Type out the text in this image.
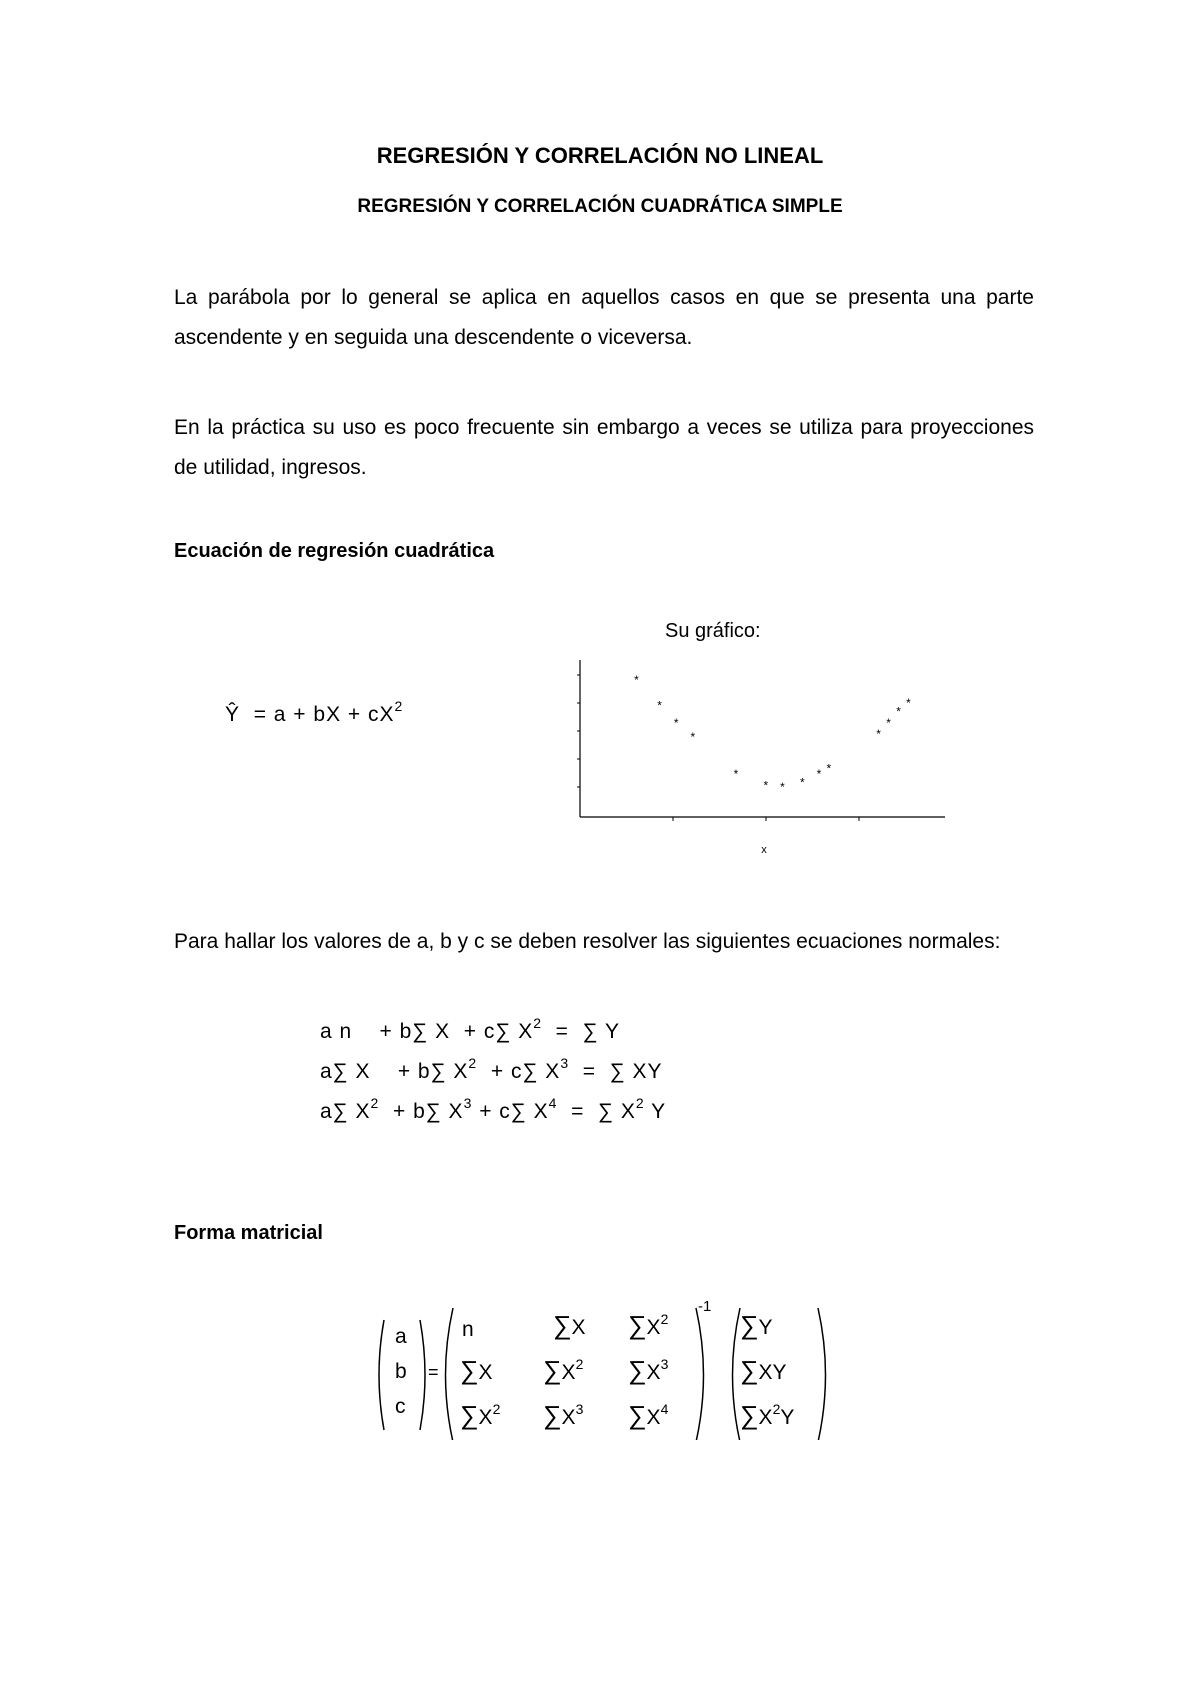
REGRESIÓN Y CORRELACIÓN NO LINEAL
REGRESIÓN Y CORRELACIÓN CUADRÁTICA SIMPLE
La parábola por lo general se aplica en aquellos casos en que se presenta una parte ascendente y en seguida una descendente o viceversa.
En la práctica su uso es poco frecuente sin embargo a veces se utiliza para proyecciones de utilidad, ingresos.
Ecuación de regresión cuadrática
Ŷ = a + bX + $cX^2$
Su gráfico:
*
*
*
*
*
* * *
* *
*
*
*
*
x
Para hallar los valores de a, b y c se deben resolver las siguientes ecuaciones normales:
a n    + b∑ X  + c∑ $X^2$  =  ∑ Y
a∑ X    + b∑ $X^2 + c\sum$ $X^3$  =  ∑ XY
a∑ $X^2 + b\sum$ $X^3 + c\sum$ $X^4$  =  ∑ $X^2$ Y
Forma matricial
a
b
c
=
n	∑X $\sum X^2$
∑X $\sum X^2$ $\sum X^3$
$\sum X^2$ $\sum X^3$ $\sum X^4$
-1
∑Y
∑XY
$\sum X^2Y$
